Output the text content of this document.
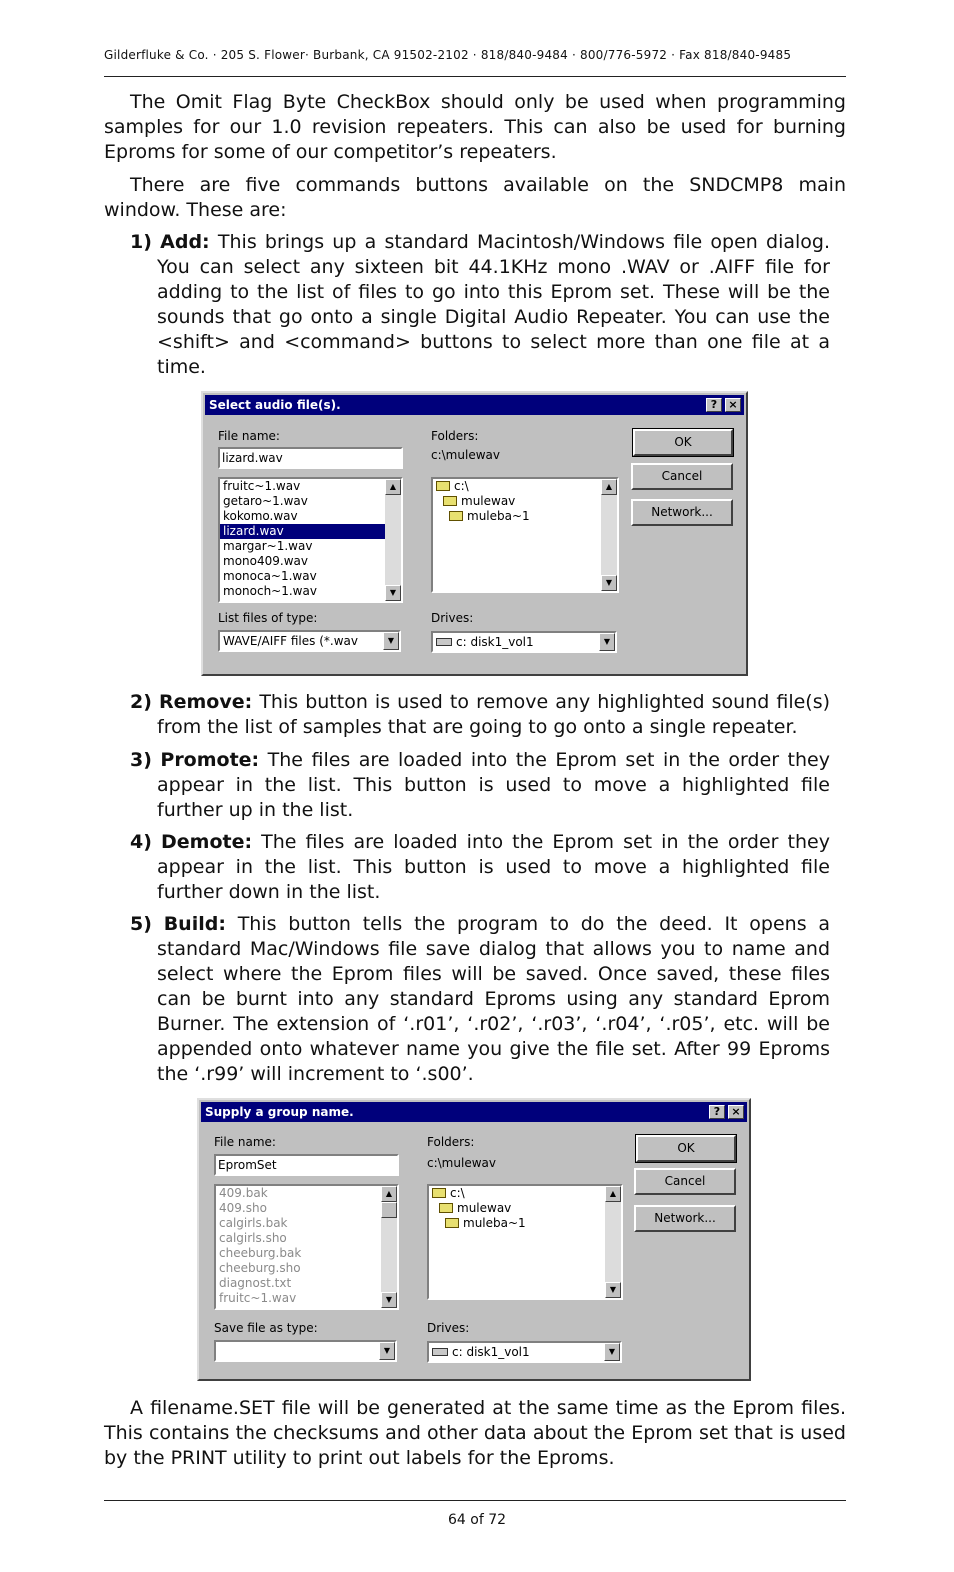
Gilderfluke & Co. · 205 S. Flower· Burbank, CA 91502-2102 · 818/840-9484 · 800/776-5972 · Fax 818/840-9485
The Omit Flag Byte CheckBox should only be used when programming samples for our 1.0 revision repeaters. This can also be used for burning Eproms for some of our competitor’s repeaters.
There are five commands buttons available on the SNDCMP8 main window. These are:
1) Add: This brings up a standard Macintosh/Windows file open dialog. You can select any sixteen bit 44.1KHz mono .WAV or .AIFF file for adding to the list of files to go into this Eprom set. These will be the sounds that go onto a single Digital Audio Repeater. You can use the <shift> and <command> buttons to select more than one file at a time.
Select audio file(s).	?	×
File name:
lizard.wav
fruitc~1.wav
getaro~1.wav
kokomo.wav
lizard.wav
margar~1.wav
mono409.wav
monoca~1.wav
monoch~1.wav
▲
▼
Folders:
c:\mulewav
c:\
mulewav
muleba~1
▲
▼
List files of type:
WAVE/AIFF files (*.wav	▼
Drives:
c: disk1_vol1	▼
OK
Cancel
Network...
2) Remove: This button is used to remove any highlighted sound file(s) from the list of samples that are going to go onto a single repeater.
3) Promote: The files are loaded into the Eprom set in the order they appear in the list. This button is used to move a highlighted file further up in the list.
4) Demote: The files are loaded into the Eprom set in the order they appear in the list. This button is used to move a highlighted file further down in the list.
5) Build: This button tells the program to do the deed. It opens a standard Mac/Windows file save dialog that allows you to name and select where the Eprom files will be saved. Once saved, these files can be burnt into any standard Eproms using any standard Eprom Burner. The extension of ‘.r01’, ‘.r02’, ‘.r03’, ‘.r04’, ‘.r05’, etc. will be appended onto whatever name you give the file set. After 99 Eproms the ‘.r99’ will increment to ‘.s00’.
Supply a group name.	?	×
File name:
EpromSet
409.bak
409.sho
calgirls.bak
calgirls.sho
cheeburg.bak
cheeburg.sho
diagnost.txt
fruitc~1.wav
▲
▼
Folders:
c:\mulewav
c:\
mulewav
muleba~1
▲
▼
Save file as type:
▼
Drives:
c: disk1_vol1	▼
OK
Cancel
Network...
A filename.SET file will be generated at the same time as the Eprom files. This contains the checksums and other data about the Eprom set that is used by the PRINT utility to print out labels for the Eproms.
64 of 72
